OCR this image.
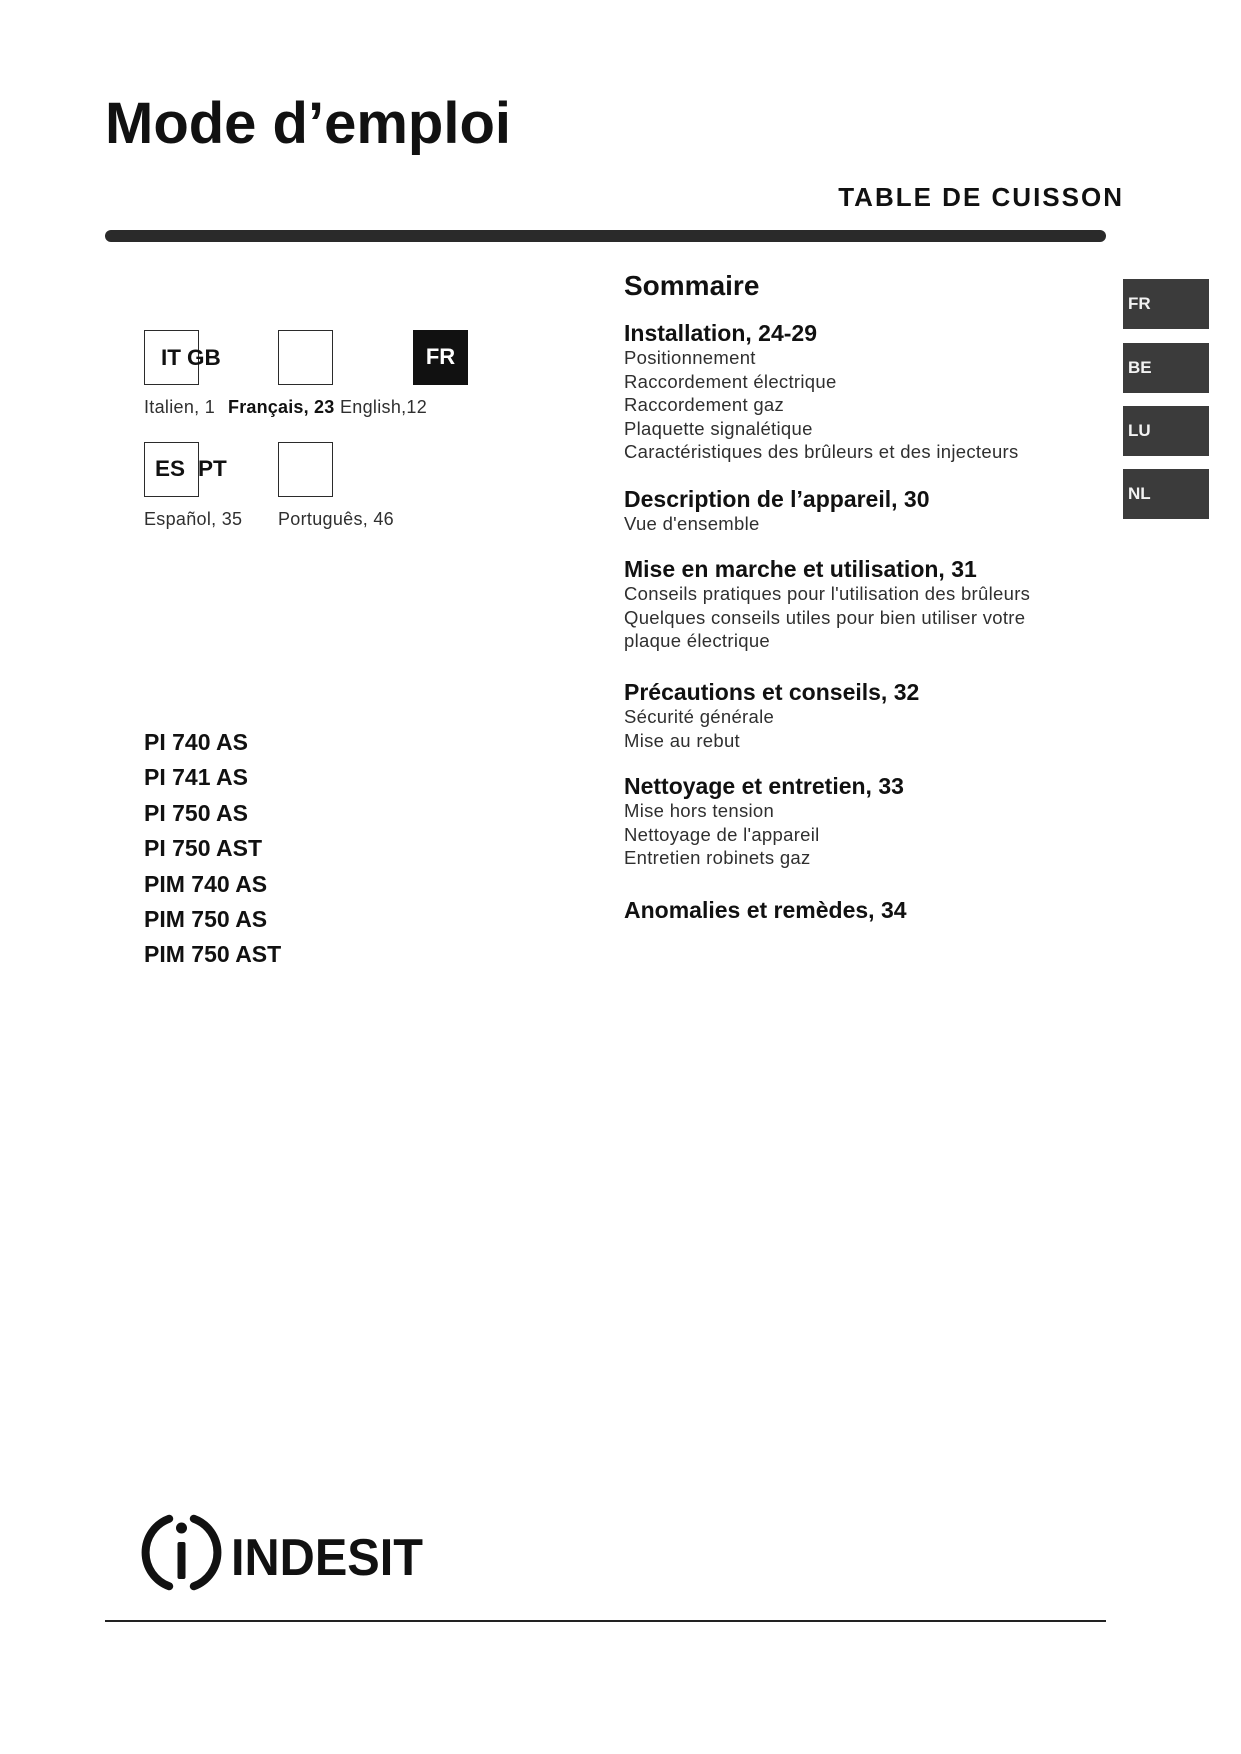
Mode d’emploi
TABLE DE CUISSON
FR
BE
LU
NL
FR
IT GB
Italien, 1 Français, 23 English,12
ES PT
Español, 35 Português, 46
PI 740 AS
PI 741 AS
PI 750 AS
PI 750 AST
PIM 740 AS
PIM 750 AS
PIM 750 AST
Sommaire
Installation, 24-29
Positionnement
Raccordement électrique
Raccordement gaz
Plaquette signalétique
Caractéristiques des brûleurs et des injecteurs
Description de l’appareil, 30
Vue d'ensemble
Mise en marche et utilisation, 31
Conseils pratiques pour l'utilisation des brûleurs
Quelques conseils utiles pour bien utiliser votre
plaque électrique
Précautions et conseils, 32
Sécurité générale
Mise au rebut
Nettoyage et entretien, 33
Mise hors tension
Nettoyage de l'appareil
Entretien robinets gaz
Anomalies et remèdes, 34
INDESIT
